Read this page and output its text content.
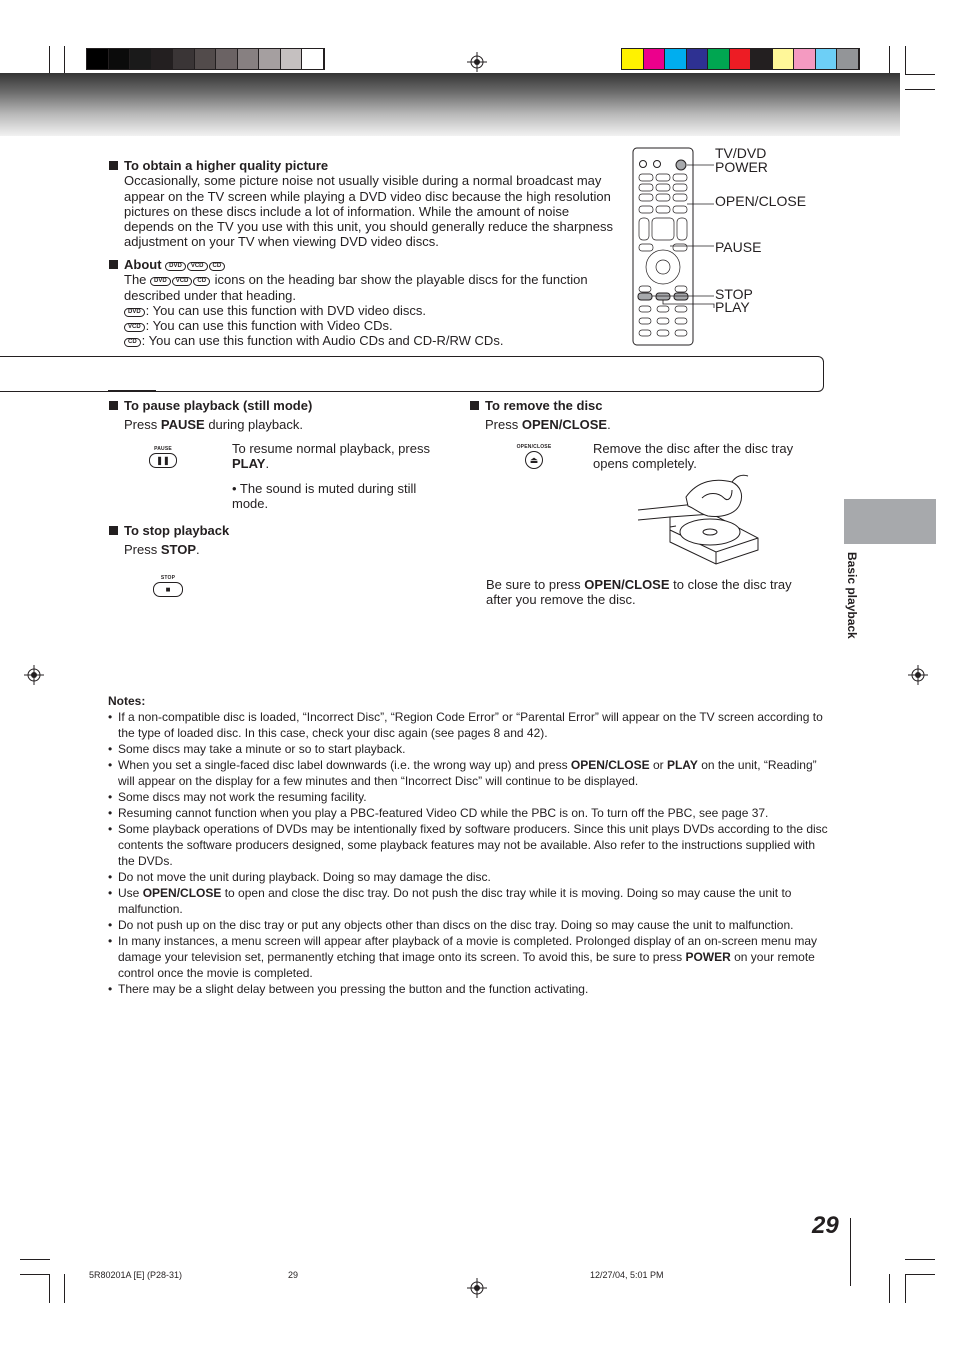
To obtain a higher quality picture
Occasionally, some picture noise not usually visible during a normal broadcast may appear on the TV screen while playing a DVD video disc because the high resolution pictures on these discs include a lot of information. While the amount of noise depends on the TV you use with this unit, you should generally reduce the sharpness adjustment on your TV when viewing DVD video discs.
About DVD VCD CD
The DVD VCD CD icons on the heading bar show the playable discs for the function described under that heading.
DVD : You can use this function with DVD video discs.
VCD : You can use this function with Video CDs.
CD : You can use this function with Audio CDs and CD-R/RW CDs.
TV/DVD
POWER
OPEN/CLOSE
PAUSE
STOP
PLAY
To pause playback (still mode)
Press PAUSE during playback.
PAUSE
❚❚
To resume normal playback, press PLAY.
• The sound is muted during still mode.
To stop playback
Press STOP.
STOP
■
To remove the disc
Press OPEN/CLOSE.
OPEN/CLOSE
⏏
Remove the disc after the disc tray opens completely.
Be sure to press OPEN/CLOSE to close the disc tray after you remove the disc.	Basic playback
Notes:
• If a non-compatible disc is loaded, “Incorrect Disc”, “Region Code Error” or “Parental Error” will appear on the TV screen according to the type of loaded disc. In this case, check your disc again (see pages 8 and 42).
• Some discs may take a minute or so to start playback.
• When you set a single-faced disc label downwards (i.e. the wrong way up) and press OPEN/CLOSE or PLAY on the unit, “Reading” will appear on the display for a few minutes and then “Incorrect Disc” will continue to be displayed.
• Some discs may not work the resuming facility.
• Resuming cannot function when you play a PBC-featured Video CD while the PBC is on. To turn off the PBC, see page 37.
• Some playback operations of DVDs may be intentionally fixed by software producers. Since this unit plays DVDs according to the disc contents the software producers designed, some playback features may not be available. Also refer to the instructions supplied with the DVDs.
• Do not move the unit during playback. Doing so may damage the disc.
• Use OPEN/CLOSE to open and close the disc tray. Do not push the disc tray while it is moving. Doing so may cause the unit to malfunction.
• Do not push up on the disc tray or put any objects other than discs on the disc tray. Doing so may cause the unit to malfunction.
• In many instances, a menu screen will appear after playback of a movie is completed. Prolonged display of an on-screen menu may damage your television set, permanently etching that image onto its screen. To avoid this, be sure to press POWER on your remote control once the movie is completed.
• There may be a slight delay between you pressing the button and the function activating.
29
5R80201A [E] (P28-31)	29	12/27/04, 5:01 PM
